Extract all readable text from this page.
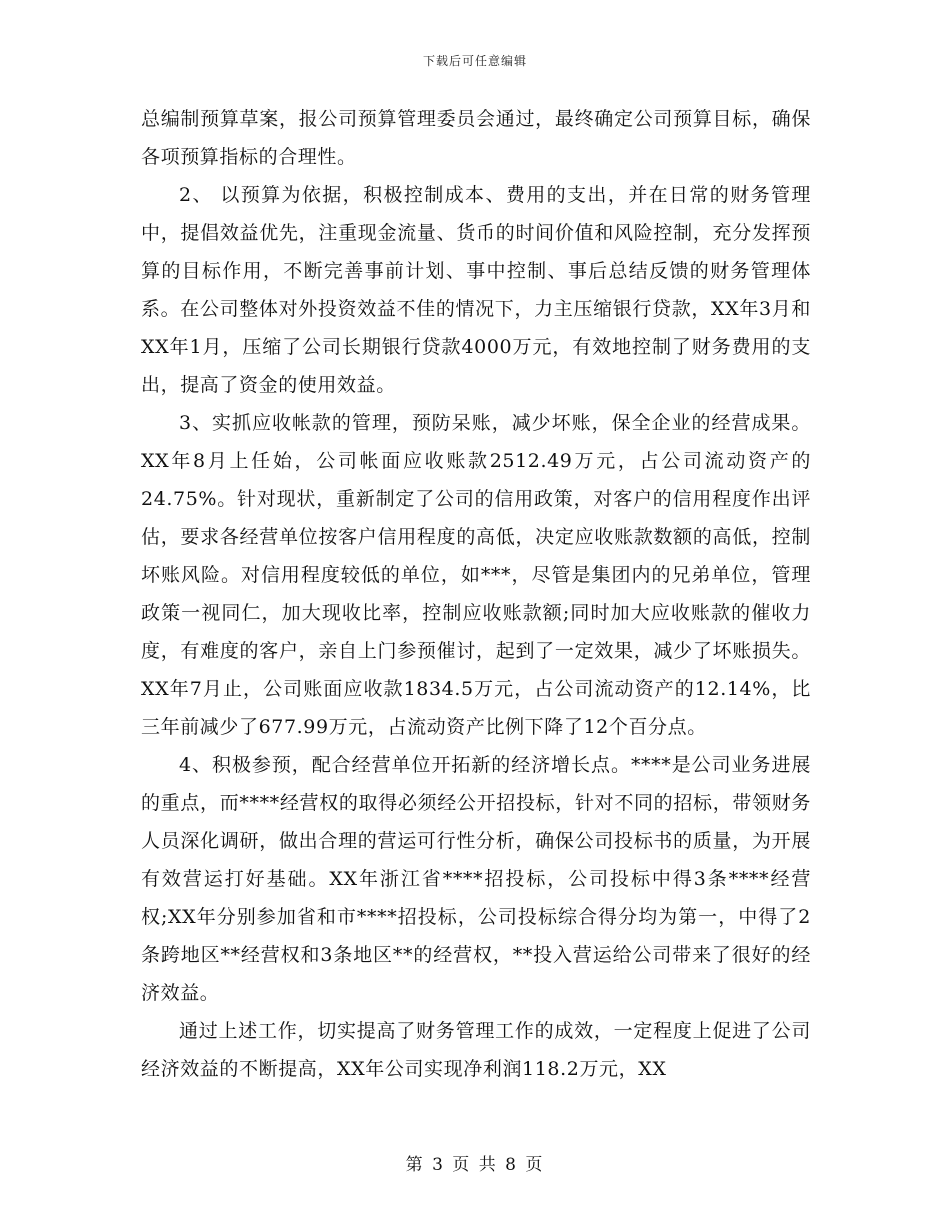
下载后可任意编辑

总编制预算草案，报公司预算管理委员会通过，最终确定公司预算目标，确保各项预算指标的合理性。

2、 以预算为依据，积极控制成本、费用的支出，并在日常的财务管理中，提倡效益优先，注重现金流量、货币的时间价值和风险控制，充分发挥预算的目标作用，不断完善事前计划、事中控制、事后总结反馈的财务管理体系。在公司整体对外投资效益不佳的情况下，力主压缩银行贷款，XX年3月和XX年1月，压缩了公司长期银行贷款4000万元，有效地控制了财务费用的支出，提高了资金的使用效益。

3、实抓应收帐款的管理，预防呆账，减少坏账，保全企业的经营成果。XX年8月上任始，公司帐面应收账款2512.49万元，占公司流动资产的24.75%。针对现状，重新制定了公司的信用政策，对客户的信用程度作出评估，要求各经营单位按客户信用程度的高低，决定应收账款数额的高低，控制坏账风险。对信用程度较低的单位，如***，尽管是集团内的兄弟单位，管理政策一视同仁，加大现收比率，控制应收账款额;同时加大应收账款的催收力度，有难度的客户，亲自上门参预催讨，起到了一定效果，减少了坏账损失。XX年7月止，公司账面应收款1834.5万元，占公司流动资产的12.14%，比三年前减少了677.99万元，占流动资产比例下降了12个百分点。

4、积极参预，配合经营单位开拓新的经济增长点。****是公司业务进展的重点，而****经营权的取得必须经公开招投标，针对不同的招标，带领财务人员深化调研，做出合理的营运可行性分析，确保公司投标书的质量，为开展有效营运打好基础。XX年浙江省****招投标，公司投标中得3条****经营权;XX年分别参加省和市****招投标，公司投标综合得分均为第一，中得了2条跨地区**经营权和3条地区**的经营权，**投入营运给公司带来了很好的经济效益。

通过上述工作，切实提高了财务管理工作的成效，一定程度上促进了公司经济效益的不断提高，XX年公司实现净利润118.2万元，XX

第 3 页 共 8 页
